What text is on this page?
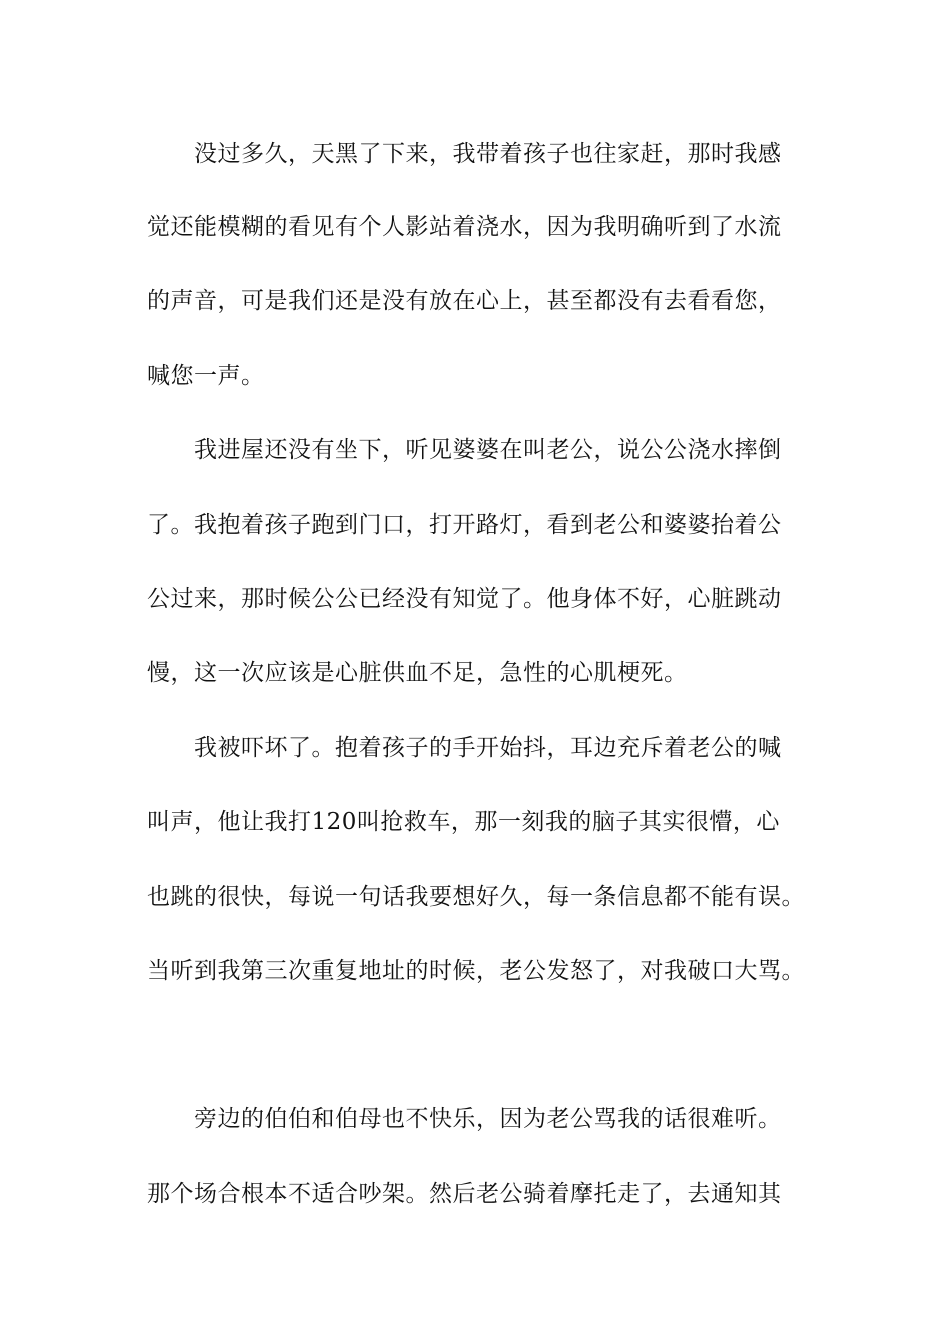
没过多久，天黑了下来，我带着孩子也往家赶，那时我感
觉还能模糊的看见有个人影站着浇水，因为我明确听到了水流
的声音，可是我们还是没有放在心上，甚至都没有去看看您，
喊您一声。
我进屋还没有坐下，听见婆婆在叫老公，说公公浇水摔倒
了。我抱着孩子跑到门口，打开路灯，看到老公和婆婆抬着公
公过来，那时候公公已经没有知觉了。他身体不好，心脏跳动
慢，这一次应该是心脏供血不足，急性的心肌梗死。
我被吓坏了。抱着孩子的手开始抖，耳边充斥着老公的喊
叫声，他让我打120叫抢救车，那一刻我的脑子其实很懵，心
也跳的很快，每说一句话我要想好久，每一条信息都不能有误。
当听到我第三次重复地址的时候，老公发怒了，对我破口大骂。
旁边的伯伯和伯母也不快乐，因为老公骂我的话很难听。
那个场合根本不适合吵架。然后老公骑着摩托走了，去通知其
